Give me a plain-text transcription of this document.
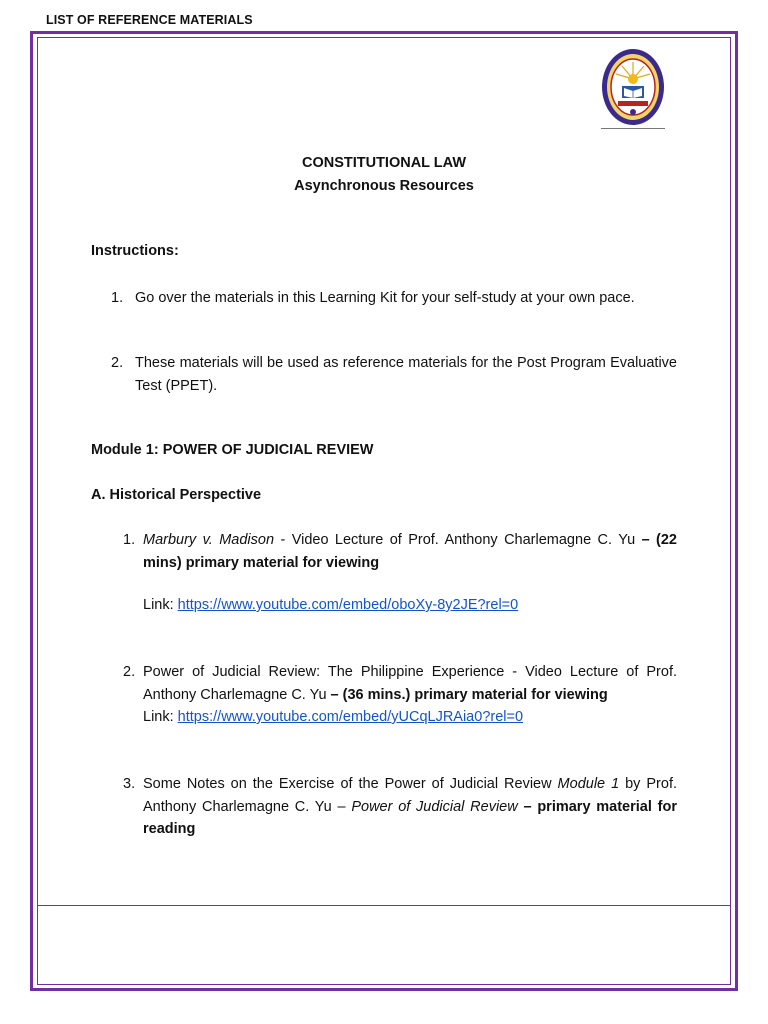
LIST OF REFERENCE MATERIALS
CONSTITUTIONAL LAW
Asynchronous Resources
Instructions:
1. Go over the materials in this Learning Kit for your self-study at your own pace.
2. These materials will be used as reference materials for the Post Program Evaluative Test (PPET).
Module 1: POWER OF JUDICIAL REVIEW
A. Historical Perspective
1. Marbury v. Madison - Video Lecture of Prof. Anthony Charlemagne C. Yu – (22 mins) primary material for viewing
Link: https://www.youtube.com/embed/oboXy-8y2JE?rel=0
2. Power of Judicial Review: The Philippine Experience - Video Lecture of Prof. Anthony Charlemagne C. Yu – (36 mins.) primary material for viewing
Link: https://www.youtube.com/embed/yUCqLJRAia0?rel=0
3. Some Notes on the Exercise of the Power of Judicial Review Module 1 by Prof. Anthony Charlemagne C. Yu – Power of Judicial Review – primary material for reading
